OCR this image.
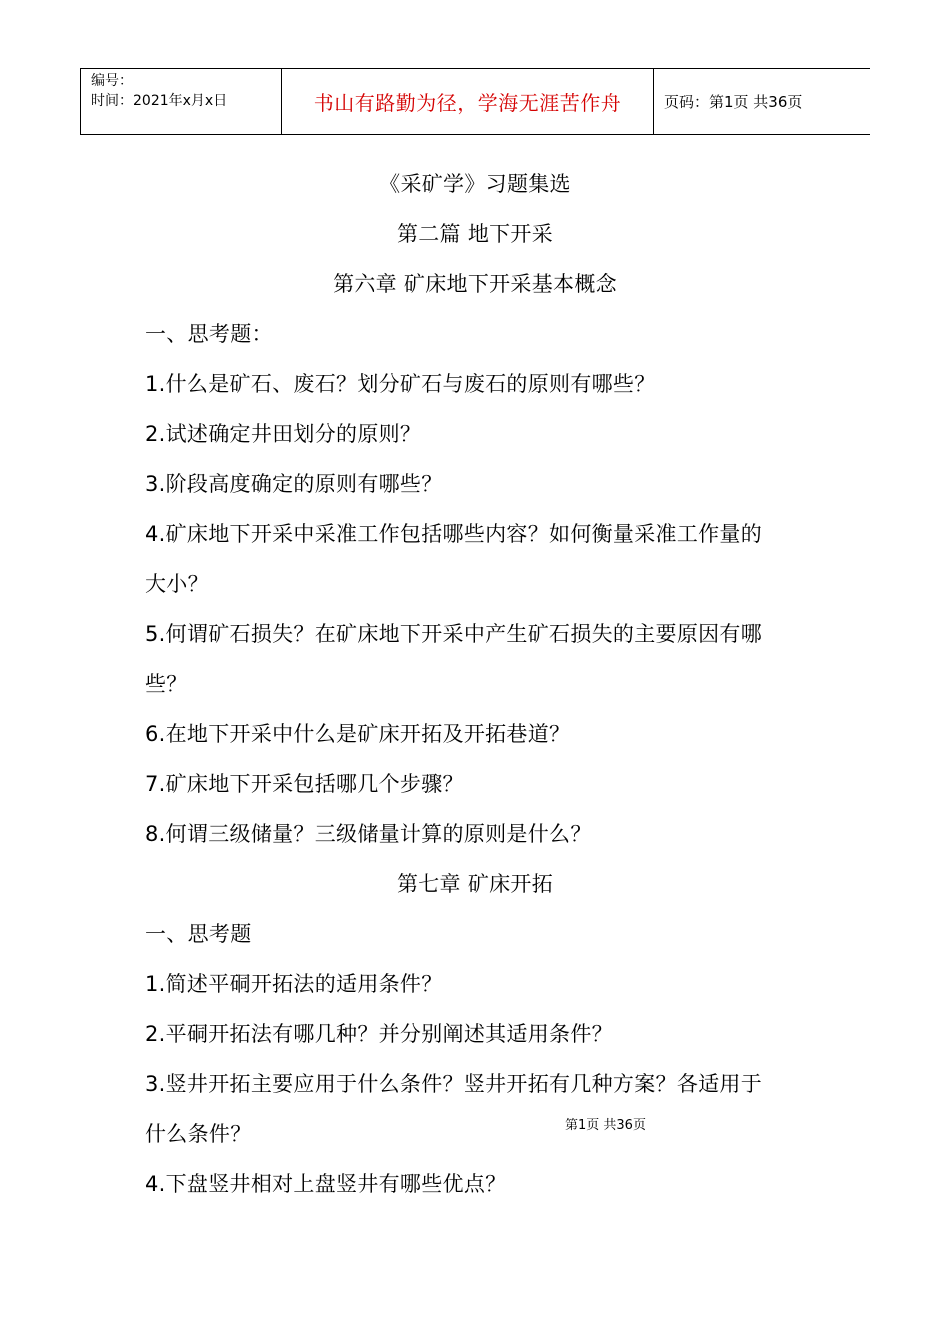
编号：
时间：2021年x月x日	书山有路勤为径，学海无涯苦作舟	页码：第1页 共36页
《采矿学》习题集选
第二篇 地下开采
第六章 矿床地下开采基本概念
一、思考题：
1.什么是矿石、废石？划分矿石与废石的原则有哪些？
2.试述确定井田划分的原则？
3.阶段高度确定的原则有哪些？
4.矿床地下开采中采准工作包括哪些内容？如何衡量采准工作量的
大小？
5.何谓矿石损失？在矿床地下开采中产生矿石损失的主要原因有哪
些？
6.在地下开采中什么是矿床开拓及开拓巷道？
7.矿床地下开采包括哪几个步骤？
8.何谓三级储量？三级储量计算的原则是什么？
第七章 矿床开拓
一、思考题
1.简述平硐开拓法的适用条件？
2.平硐开拓法有哪几种？并分别阐述其适用条件？
3.竖井开拓主要应用于什么条件？竖井开拓有几种方案？各适用于
什么条件？
4.下盘竖井相对上盘竖井有哪些优点？
第1页 共36页
